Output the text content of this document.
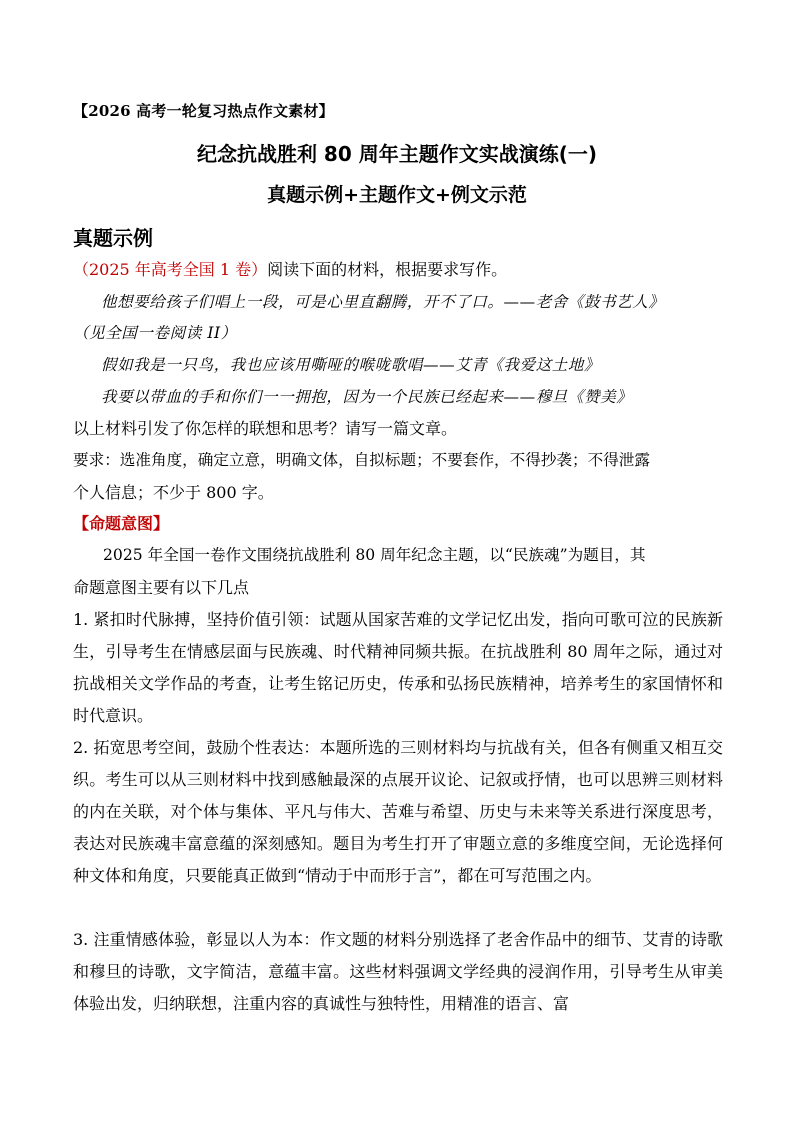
【2026 高考一轮复习热点作文素材】
纪念抗战胜利 80 周年主题作文实战演练(一)
真题示例+主题作文+例文示范
真题示例
（2025 年高考全国 1 卷）阅读下面的材料，根据要求写作。
他想要给孩子们唱上一段，可是心里直翻腾，开不了口。——老舍《鼓书艺人》
（见全国一卷阅读 II）
假如我是一只鸟，我也应该用嘶哑的喉咙歌唱——艾青《我爱这土地》
我要以带血的手和你们一一拥抱，因为一个民族已经起来——穆旦《赞美》
以上材料引发了你怎样的联想和思考？请写一篇文章。
要求：选准角度，确定立意，明确文体，自拟标题；不要套作，不得抄袭；不得泄露
个人信息；不少于 800 字。
【命题意图】
2025 年全国一卷作文围绕抗战胜利 80 周年纪念主题，以“民族魂”为题目，其
命题意图主要有以下几点
1. 紧扣时代脉搏，坚持价值引领：试题从国家苦难的文学记忆出发，指向可歌可泣的民族新生，引导考生在情感层面与民族魂、时代精神同频共振。在抗战胜利 80 周年之际，通过对抗战相关文学作品的考查，让考生铭记历史，传承和弘扬民族精神，培养考生的家国情怀和时代意识。
2. 拓宽思考空间，鼓励个性表达：本题所选的三则材料均与抗战有关，但各有侧重又相互交织。考生可以从三则材料中找到感触最深的点展开议论、记叙或抒情，也可以思辨三则材料的内在关联，对个体与集体、平凡与伟大、苦难与希望、历史与未来等关系进行深度思考，表达对民族魂丰富意蕴的深刻感知。题目为考生打开了审题立意的多维度空间，无论选择何种文体和角度，只要能真正做到“情动于中而形于言”，都在可写范围之内。
3. 注重情感体验，彰显以人为本：作文题的材料分别选择了老舍作品中的细节、艾青的诗歌和穆旦的诗歌，文字简洁，意蕴丰富。这些材料强调文学经典的浸润作用，引导考生从审美体验出发，归纳联想，注重内容的真诚性与独特性，用精准的语言、富
